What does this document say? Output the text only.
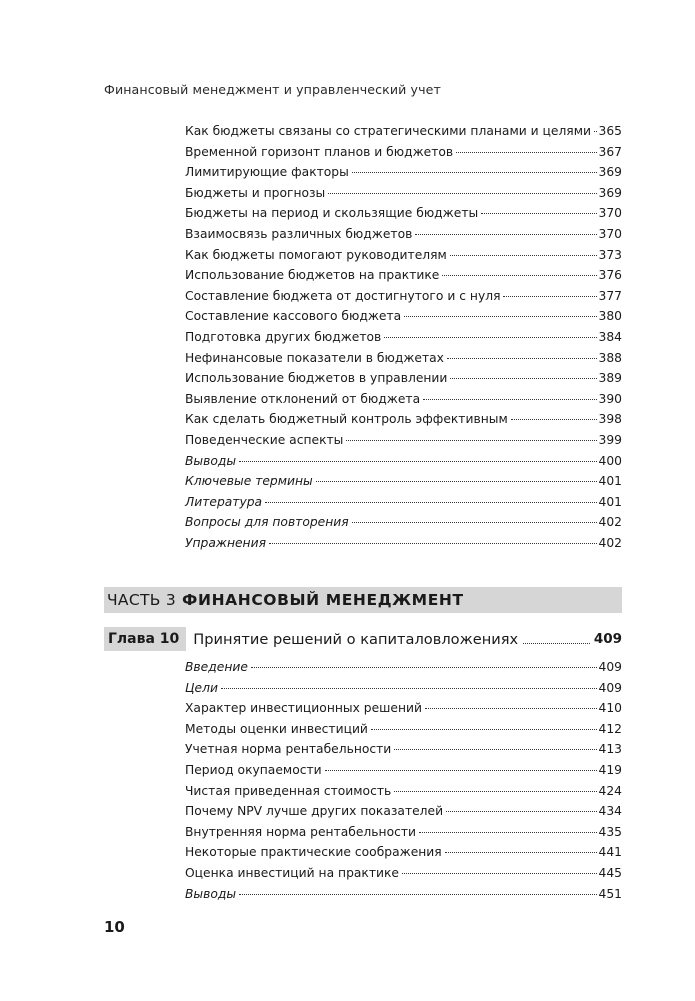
Финансовый менеджмент и управленческий учет
Как бюджеты связаны со стратегическими планами и целями 365
Временной горизонт планов и бюджетов	367
Лимитирующие факторы	369
Бюджеты и прогнозы	369
Бюджеты на период и скользящие бюджеты	370
Взаимосвязь различных бюджетов	370
Как бюджеты помогают руководителям	373
Использование бюджетов на практике	376
Составление бюджета от достигнутого и с нуля	377
Составление кассового бюджета	380
Подготовка других бюджетов	384
Нефинансовые показатели в бюджетах	388
Использование бюджетов в управлении	389
Выявление отклонений от бюджета	390
Как сделать бюджетный контроль эффективным	398
Поведенческие аспекты	399
Выводы	400
Ключевые термины	401
Литература	401
Вопросы для повторения	402
Упражнения	402
ЧАСТЬ 3 ФИНАНСОВЫЙ МЕНЕДЖМЕНТ
Глава 10 Принятие решений о капиталовложениях	409
Введение	409
Цели	409
Характер инвестиционных решений	410
Методы оценки инвестиций	412
Учетная норма рентабельности	413
Период окупаемости	419
Чистая приведенная стоимость	424
Почему NPV лучше других показателей	434
Внутренняя норма рентабельности	435
Некоторые практические соображения	441
Оценка инвестиций на практике	445
Выводы	451
10
